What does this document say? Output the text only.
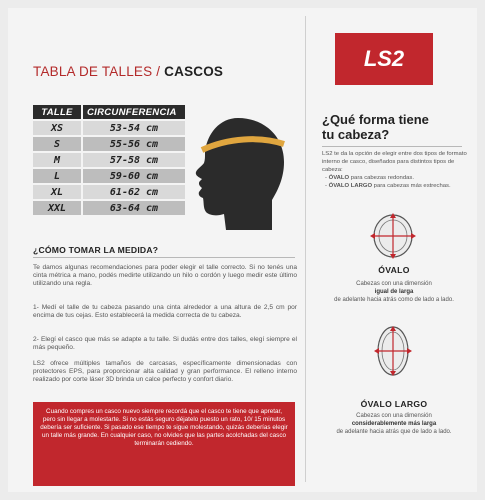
TABLA DE TALLES / CASCOS
LS2
TALLE	CIRCUNFERENCIA
XS	53-54 cm
S	55-56 cm
M	57-58 cm
L	59-60 cm
XL	61-62 cm
XXL	63-64 cm
¿CÓMO TOMAR LA MEDIDA?
Te damos algunas recomendaciones para poder elegir el talle correcto. Si no tenés una cinta métrica a mano, podés medirte utilizando un hilo o cordón y luego medir este último utilizando una regla.
1- Medí el talle de tu cabeza pasando una cinta alrededor a una altura de 2,5 cm por encima de tus cejas. Esto establecerá la medida correcta de tu cabeza.
2- Elegí el casco que más se adapte a tu talle. Si dudás entre dos talles, elegí siempre el más pequeño.
LS2 ofrece múltiples tamaños de carcasas, específicamente dimensionadas con protectores EPS, para proporcionar alta calidad y gran performance. El relleno interno realizado por corte láser 3D brinda un calce perfecto y confort diario.
Cuando compres un casco nuevo siempre recordá que el casco te tiene que apretar, pero sin llegar a molestarte. Si no estás seguro déjatelo puesto un rato, 10/ 15 minutos debería ser suficiente. Si pasado ese tiempo te sigue molestando, quizás deberías elegir un talle más grande. En cualquier caso, no olvides que las partes acolchadas del casco terminarán cediendo.
¿Qué forma tiene
tu cabeza?
LS2 te da la opción de elegir entre dos tipos de formato interno de casco, diseñados para distintos tipos de cabeza:
- ÓVALO para cabezas redondas.
- ÓVALO LARGO para cabezas más estrechas.
ÓVALO
Cabezas con una dimensión
igual de larga
de adelante hacia atrás como de lado a lado.
ÓVALO LARGO
Cabezas con una dimensión
considerablemente más larga
de adelante hacia atrás que de lado a lado.
